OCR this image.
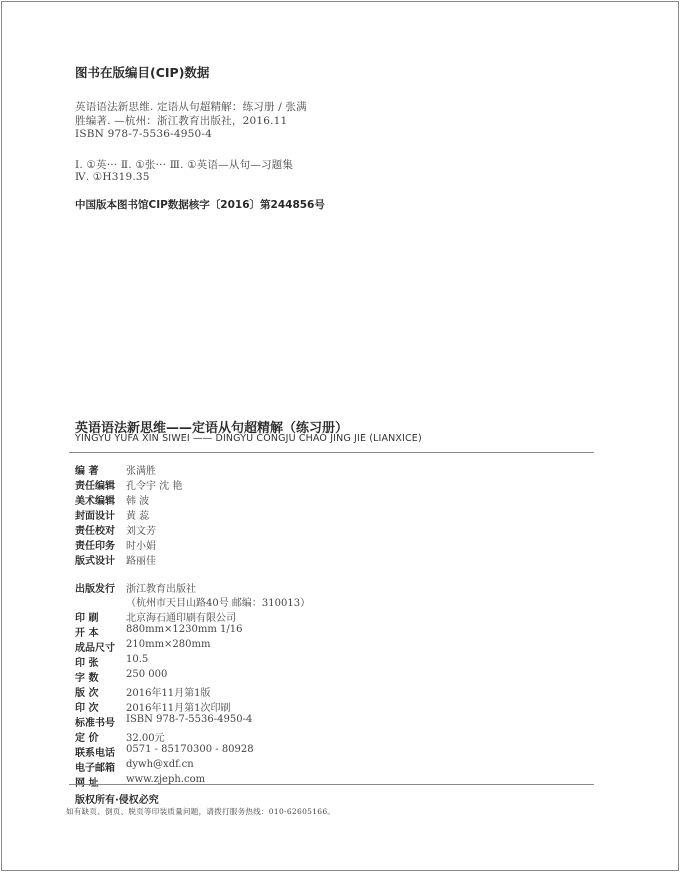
图书在版编目(CIP)数据
英语语法新思维. 定语从句超精解：练习册 / 张满
胜编著. —杭州：浙江教育出版社，2016.11
ISBN 978-7-5536-4950-4
Ⅰ. ①英··· Ⅱ. ①张··· Ⅲ. ①英语—从句—习题集
Ⅳ. ①H319.35
中国版本图书馆CIP数据核字〔2016〕第244856号
英语语法新思维——定语从句超精解（练习册）
YINGYU YUFA XIN SIWEI —— DINGYU CONGJU CHAO JING JIE (LIANXICE)
编 著	张满胜
责任编辑	孔令宇 沈 艳
美术编辑	韩 波
封面设计	黄 蕊
责任校对	刘文芳
责任印务	时小娟
版式设计	路丽佳
出版发行	浙江教育出版社
（杭州市天目山路40号 邮编：310013）
印 刷	北京海石通印刷有限公司
开 本	880mm×1230mm 1/16
成品尺寸	210mm×280mm
印 张	10.5
字 数	250 000
版 次	2016年11月第1版
印 次	2016年11月第1次印刷
标准书号	ISBN 978-7-5536-4950-4
定 价	32.00元
联系电话	0571 - 85170300 - 80928
电子邮箱	dywh@xdf.cn
网 址	www.zjeph.com
版权所有·侵权必究
如有缺页、倒页、脱页等印装质量问题，请拨打服务热线：010-62605166。
